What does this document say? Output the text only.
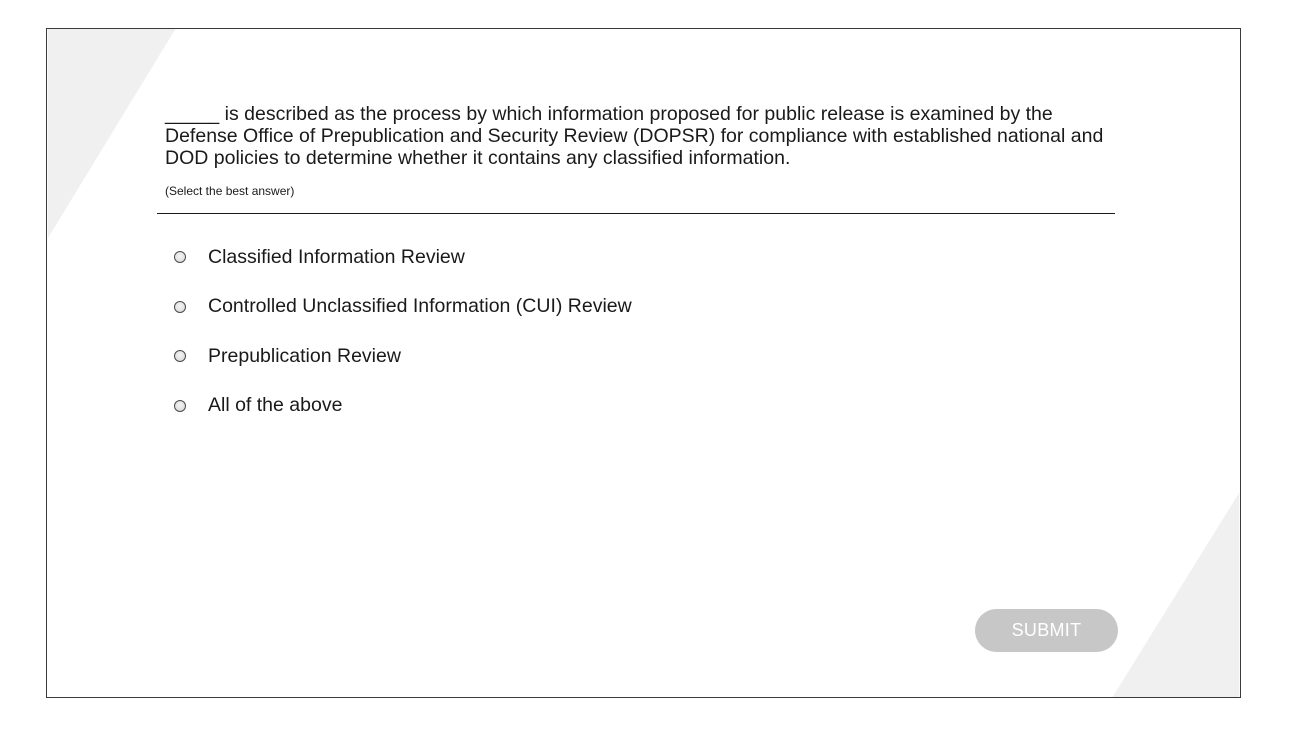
_____ is described as the process by which information proposed for public release is examined by the Defense Office of Prepublication and Security Review (DOPSR) for compliance with established national and DOD policies to determine whether it contains any classified information.

(Select the best answer)
Classified Information Review
Controlled Unclassified Information (CUI) Review
Prepublication Review
All of the above
SUBMIT
